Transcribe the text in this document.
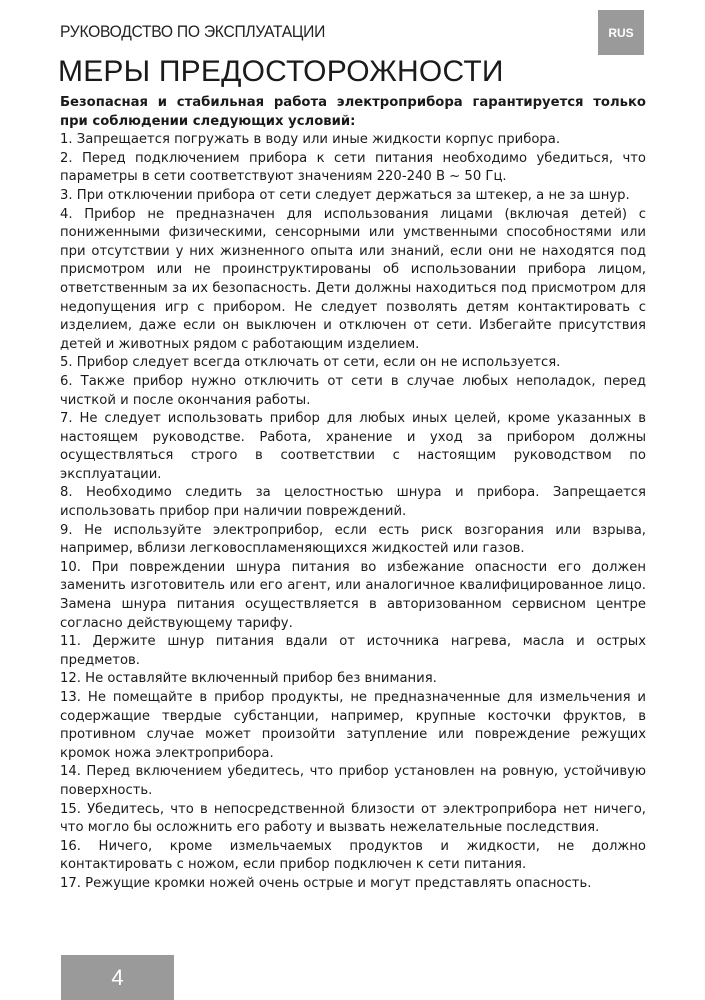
РУКОВОДСТВО ПО ЭКСПЛУАТАЦИИ	RUS
МЕРЫ ПРЕДОСТОРОЖНОСТИ

Безопасная и стабильная работа электроприбора гарантируется только при соблюдении следующих условий:

1. Запрещается погружать в воду или иные жидкости корпус прибора.
2. Перед подключением прибора к сети питания необходимо убедиться, что параметры в сети соответствуют значениям 220-240 В ~ 50 Гц.
3. При отключении прибора от сети следует держаться за штекер, а не за шнур.
4. Прибор не предназначен для использования лицами (включая детей) с пониженными физическими, сенсорными или умственными способностями или при отсутствии у них жизненного опыта или знаний, если они не находятся под присмотром или не проинструктированы об использовании прибора лицом, ответственным за их безопасность. Дети должны находиться под присмотром для недопущения игр с прибором. Не следует позволять детям контактировать с изделием, даже если он выключен и отключен от сети. Избегайте присутствия детей и животных рядом с работающим изделием.
5. Прибор следует всегда отключать от сети, если он не используется.
6. Также прибор нужно отключить от сети в случае любых неполадок, перед чисткой и после окончания работы.
7. Не следует использовать прибор для любых иных целей, кроме указанных в настоящем руководстве. Работа, хранение и уход за прибором должны осуществляться строго в соответствии с настоящим руководством по эксплуатации.
8. Необходимо следить за целостностью шнура и прибора. Запрещается использовать прибор при наличии повреждений.
9. Не используйте электроприбор, если есть риск возгорания или взрыва, например, вблизи легковоспламеняющихся жидкостей или газов.
10. При повреждении шнура питания во избежание опасности его должен заменить изготовитель или его агент, или аналогичное квалифицированное лицо. Замена шнура питания осуществляется в авторизованном сервисном центре согласно действующему тарифу.
11. Держите шнур питания вдали от источника нагрева, масла и острых предметов.
12. Не оставляйте включенный прибор без внимания.
13. Не помещайте в прибор продукты, не предназначенные для измельчения и содержащие твердые субстанции, например, крупные косточки фруктов, в противном случае может произойти затупление или повреждение режущих кромок ножа электроприбора.
14. Перед включением убедитесь, что прибор установлен на ровную, устойчивую поверхность.
15. Убедитесь, что в непосредственной близости от электроприбора нет ничего, что могло бы осложнить его работу и вызвать нежелательные последствия.
16. Ничего, кроме измельчаемых продуктов и жидкости, не должно контактировать с ножом, если прибор подключен к сети питания.
17. Режущие кромки ножей очень острые и могут представлять опасность.
4
